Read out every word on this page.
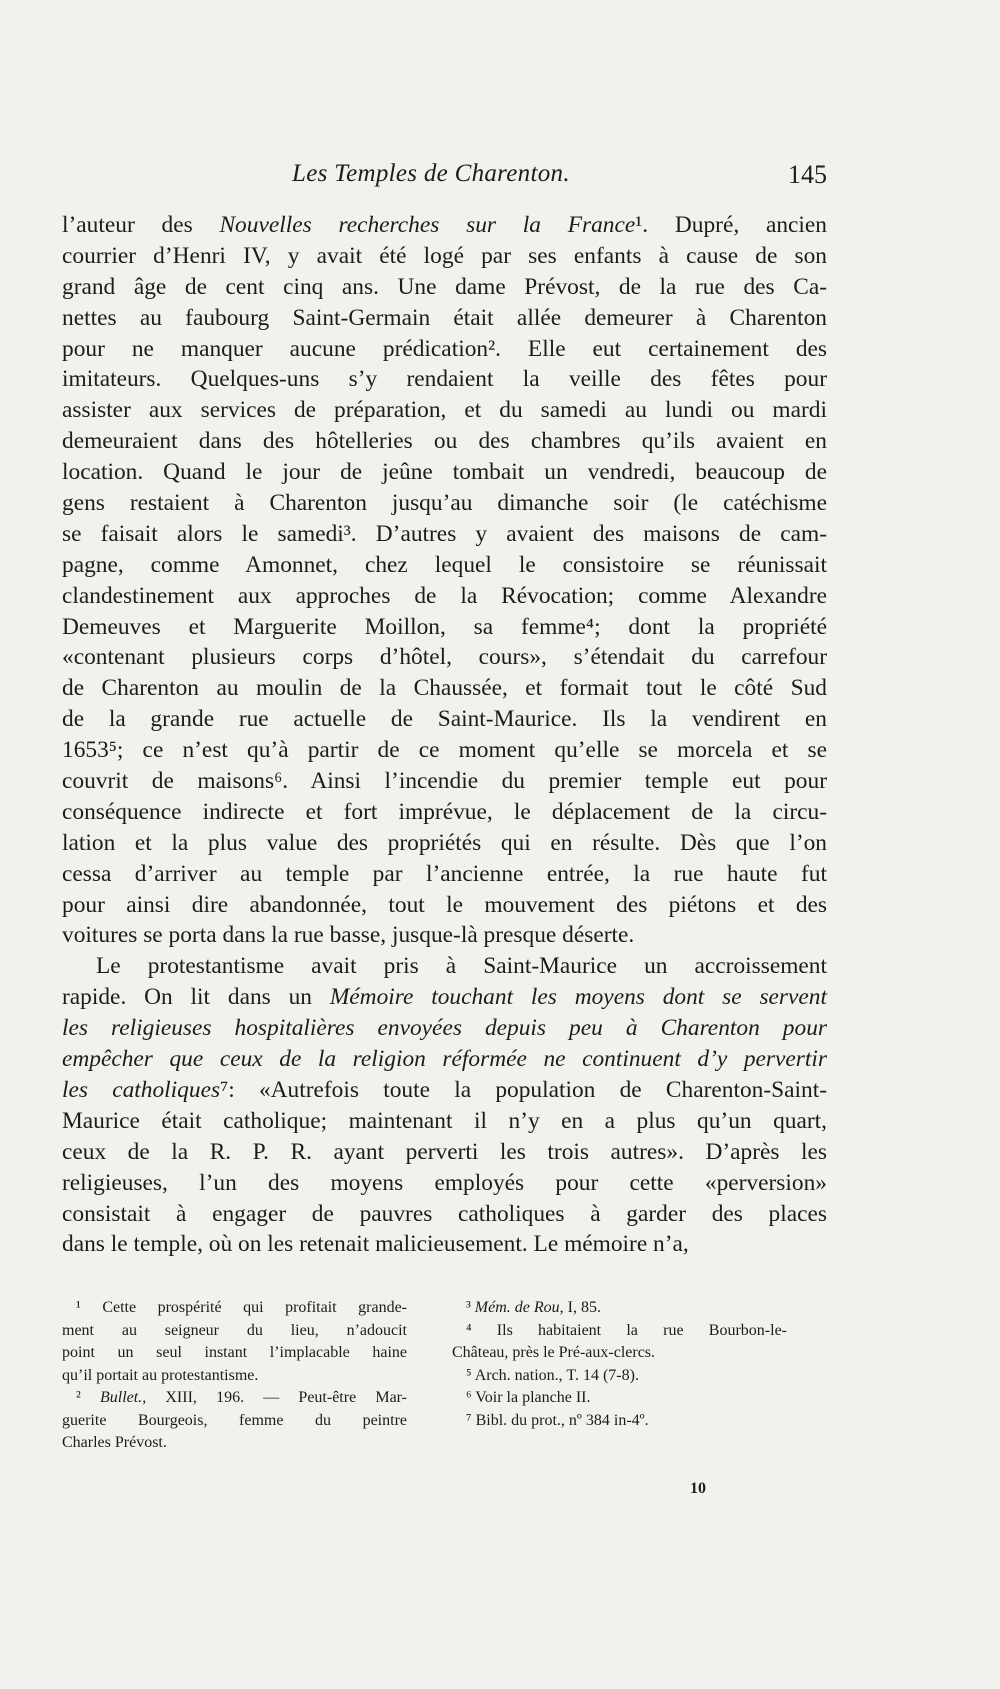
Les Temples de Charenton.	145
l’auteur des Nouvelles recherches sur la France¹. Dupré, ancien
courrier d’Henri IV, y avait été logé par ses enfants à cause de son
grand âge de cent cinq ans. Une dame Prévost, de la rue des Ca-
nettes au faubourg Saint-Germain était allée demeurer à Charenton
pour ne manquer aucune prédication². Elle eut certainement des
imitateurs. Quelques-uns s’y rendaient la veille des fêtes pour
assister aux services de préparation, et du samedi au lundi ou mardi
demeuraient dans des hôtelleries ou des chambres qu’ils avaient en
location. Quand le jour de jeûne tombait un vendredi, beaucoup de
gens restaient à Charenton jusqu’au dimanche soir (le catéchisme
se faisait alors le samedi³. D’autres y avaient des maisons de cam-
pagne, comme Amonnet, chez lequel le consistoire se réunissait
clandestinement aux approches de la Révocation; comme Alexandre
Demeuves et Marguerite Moillon, sa femme⁴; dont la propriété
«contenant plusieurs corps d’hôtel, cours», s’étendait du carrefour
de Charenton au moulin de la Chaussée, et formait tout le côté Sud
de la grande rue actuelle de Saint-Maurice. Ils la vendirent en
1653⁵; ce n’est qu’à partir de ce moment qu’elle se morcela et se
couvrit de maisons⁶. Ainsi l’incendie du premier temple eut pour
conséquence indirecte et fort imprévue, le déplacement de la circu-
lation et la plus value des propriétés qui en résulte. Dès que l’on
cessa d’arriver au temple par l’ancienne entrée, la rue haute fut
pour ainsi dire abandonnée, tout le mouvement des piétons et des
voitures se porta dans la rue basse, jusque-là presque déserte.
Le protestantisme avait pris à Saint-Maurice un accroissement
rapide. On lit dans un Mémoire touchant les moyens dont se servent
les religieuses hospitalières envoyées depuis peu à Charenton pour
empêcher que ceux de la religion réformée ne continuent d’y pervertir
les catholiques⁷: «Autrefois toute la population de Charenton-Saint-
Maurice était catholique; maintenant il n’y en a plus qu’un quart,
ceux de la R. P. R. ayant perverti les trois autres». D’après les
religieuses, l’un des moyens employés pour cette «perversion»
consistait à engager de pauvres catholiques à garder des places
dans le temple, où on les retenait malicieusement. Le mémoire n’a,
¹ Cette prospérité qui profitait grande-
ment au seigneur du lieu, n’adoucit
point un seul instant l’implacable haine
qu’il portait au protestantisme.
² Bullet., XIII, 196. — Peut-être Mar-
guerite Bourgeois, femme du peintre
Charles Prévost.
³ Mém. de Rou, I, 85.
⁴ Ils habitaient la rue Bourbon-le-
Château, près le Pré-aux-clercs.
⁵ Arch. nation., T. 14 (7-8).
⁶ Voir la planche II.
⁷ Bibl. du prot., nº 384 in-4º.
10
